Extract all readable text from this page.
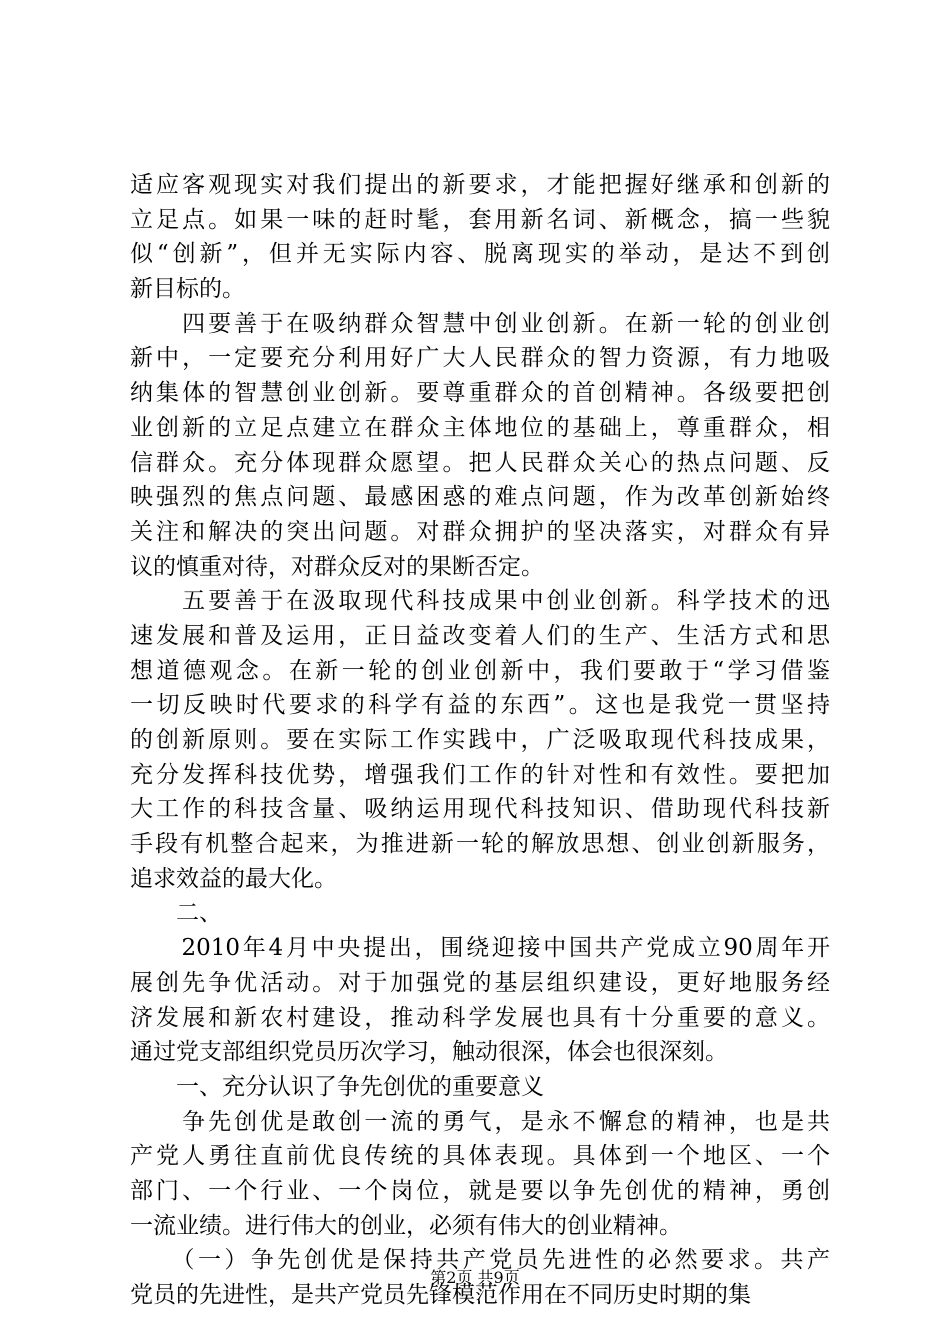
适应客观现实对我们提出的新要求，才能把握好继承和创新的
立足点。如果一味的赶时髦，套用新名词、新概念，搞一些貌
似“创新”，但并无实际内容、脱离现实的举动，是达不到创
新目标的。
　　四要善于在吸纳群众智慧中创业创新。在新一轮的创业创
新中，一定要充分利用好广大人民群众的智力资源，有力地吸
纳集体的智慧创业创新。要尊重群众的首创精神。各级要把创
业创新的立足点建立在群众主体地位的基础上，尊重群众，相
信群众。充分体现群众愿望。把人民群众关心的热点问题、反
映强烈的焦点问题、最感困惑的难点问题，作为改革创新始终
关注和解决的突出问题。对群众拥护的坚决落实，对群众有异
议的慎重对待，对群众反对的果断否定。
　　五要善于在汲取现代科技成果中创业创新。科学技术的迅
速发展和普及运用，正日益改变着人们的生产、生活方式和思
想道德观念。在新一轮的创业创新中，我们要敢于“学习借鉴
一切反映时代要求的科学有益的东西”。这也是我党一贯坚持
的创新原则。要在实际工作实践中，广泛吸取现代科技成果，
充分发挥科技优势，增强我们工作的针对性和有效性。要把加
大工作的科技含量、吸纳运用现代科技知识、借助现代科技新
手段有机整合起来，为推进新一轮的解放思想、创业创新服务，
追求效益的最大化。
　　二、
　　2010年4月中央提出，围绕迎接中国共产党成立90周年开
展创先争优活动。对于加强党的基层组织建设，更好地服务经
济发展和新农村建设，推动科学发展也具有十分重要的意义。
通过党支部组织党员历次学习，触动很深，体会也很深刻。
　　一、充分认识了争先创优的重要意义
　　争先创优是敢创一流的勇气，是永不懈怠的精神，也是共
产党人勇往直前优良传统的具体表现。具体到一个地区、一个
部门、一个行业、一个岗位，就是要以争先创优的精神，勇创
一流业绩。进行伟大的创业，必须有伟大的创业精神。
　　（一）争先创优是保持共产党员先进性的必然要求。共产
党员的先进性，是共产党员先锋模范作用在不同历史时期的集
第2页 共9页
